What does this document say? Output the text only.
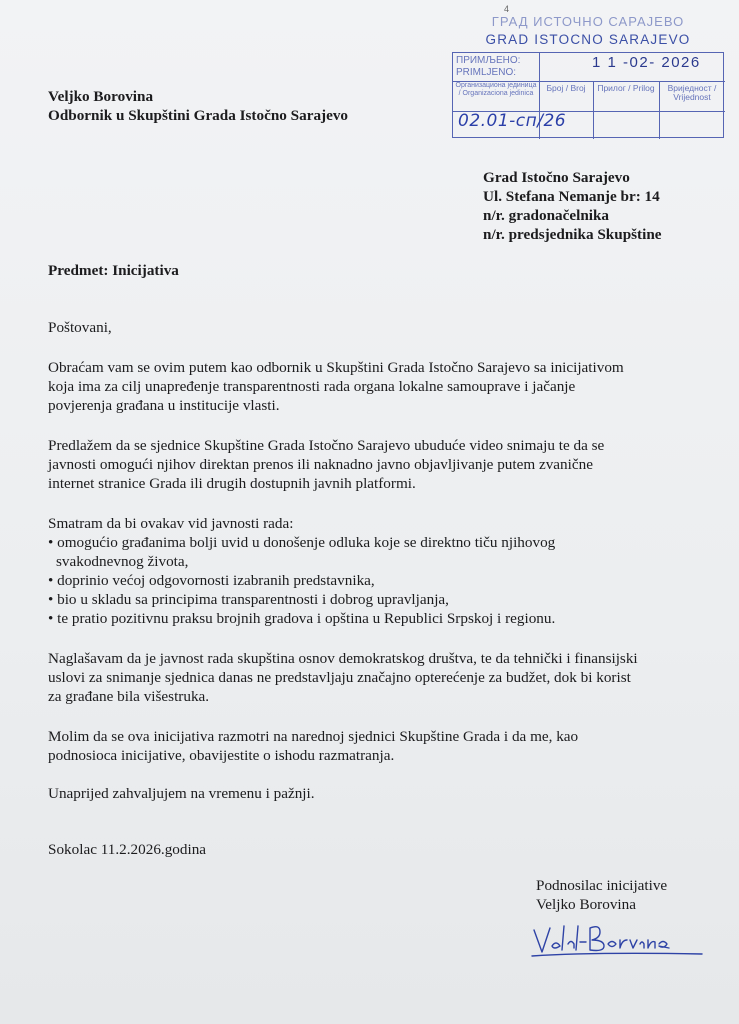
4
ГРАД ИСТОЧНО САРАЈЕВО
GRAD ISTOCNO SARAJEVO
ПРИМЉЕНО:
PRIMLJENO:
1 1 -02- 2026
Организациона јединица / Organizaciona jedinica
Број / Broj	Прилог / Prilog	Вриједност / Vrijednost
02.01-сп/26
Veljko Borovina
Odbornik u Skupštini Grada Istočno Sarajevo
Grad Istočno Sarajevo
Ul. Stefana Nemanje br: 14
n/r. gradonačelnika
n/r. predsjednika Skupštine
Predmet: Inicijativa
Poštovani,
Obraćam vam se ovim putem kao odbornik u Skupštini Grada Istočno Sarajevo sa inicijativom
koja ima za cilj unapređenje transparentnosti rada organa lokalne samouprave i jačanje
povjerenja građana u institucije vlasti.
Predlažem da se sjednice Skupštine Grada Istočno Sarajevo ubuduće video snimaju te da se
javnosti omogući njihov direktan prenos ili naknadno javno objavljivanje putem zvanične
internet stranice Grada ili drugih dostupnih javnih platformi.
Smatram da bi ovakav vid javnosti rada:
• omogućio građanima bolji uvid u donošenje odluka koje se direktno tiču njihovog
svakodnevnog života,
• doprinio većoj odgovornosti izabranih predstavnika,
• bio u skladu sa principima transparentnosti i dobrog upravljanja,
• te pratio pozitivnu praksu brojnih gradova i opština u Republici Srpskoj i regionu.
Naglašavam da je javnost rada skupština osnov demokratskog društva, te da tehnički i finansijski
uslovi za snimanje sjednica danas ne predstavljaju značajno opterećenje za budžet, dok bi korist
za građane bila višestruka.
Molim da se ova inicijativa razmotri na narednoj sjednici Skupštine Grada i da me, kao
podnosioca inicijative, obavijestite o ishodu razmatranja.
Unaprijed zahvaljujem na vremenu i pažnji.
Sokolac 11.2.2026.godina
Podnosilac inicijative
Veljko Borovina
